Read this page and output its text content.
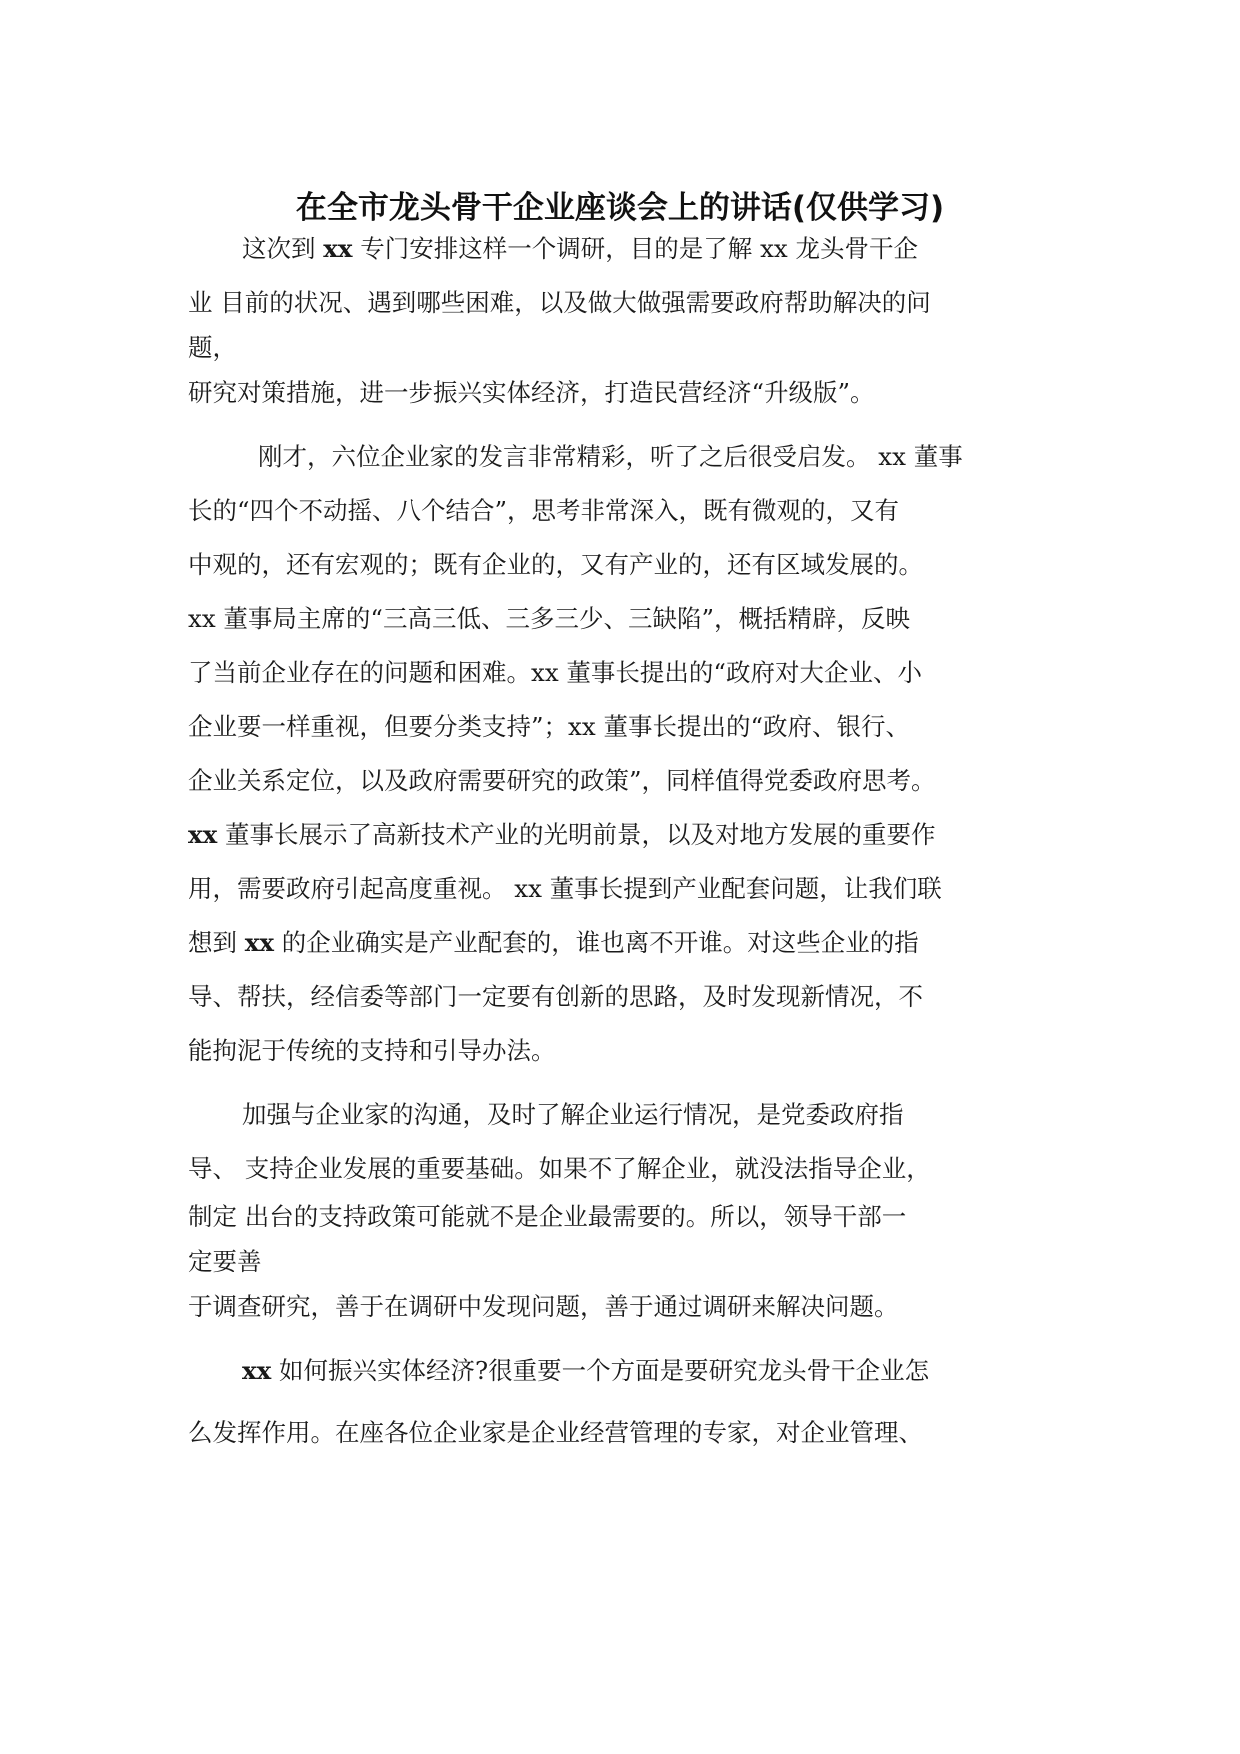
在全市龙头骨干企业座谈会上的讲话(仅供学习)
这次到 xx 专门安排这样一个调研，目的是了解 xx 龙头骨干企
业 目前的状况、遇到哪些困难，以及做大做强需要政府帮助解决的问
题，
研究对策措施，进一步振兴实体经济，打造民营经济“升级版”。
刚才，六位企业家的发言非常精彩，听了之后很受启发。 xx 董事
长的“四个不动摇、八个结合”，思考非常深入，既有微观的，又有
中观的，还有宏观的；既有企业的，又有产业的，还有区域发展的。
xx 董事局主席的“三高三低、三多三少、三缺陷”，概括精辟，反映
了当前企业存在的问题和困难。xx 董事长提出的“政府对大企业、小
企业要一样重视，但要分类支持”；xx 董事长提出的“政府、银行、
企业关系定位，以及政府需要研究的政策”，同样值得党委政府思考。
xx 董事长展示了高新技术产业的光明前景，以及对地方发展的重要作
用，需要政府引起高度重视。 xx 董事长提到产业配套问题，让我们联
想到 xx 的企业确实是产业配套的，谁也离不开谁。对这些企业的指
导、帮扶，经信委等部门一定要有创新的思路，及时发现新情况，不
能拘泥于传统的支持和引导办法。
加强与企业家的沟通，及时了解企业运行情况，是党委政府指
导、 支持企业发展的重要基础。如果不了解企业，就没法指导企业，
制定 出台的支持政策可能就不是企业最需要的。所以，领导干部一
定要善
于调查研究，善于在调研中发现问题，善于通过调研来解决问题。
xx 如何振兴实体经济?很重要一个方面是要研究龙头骨干企业怎
么发挥作用。在座各位企业家是企业经营管理的专家，对企业管理、
